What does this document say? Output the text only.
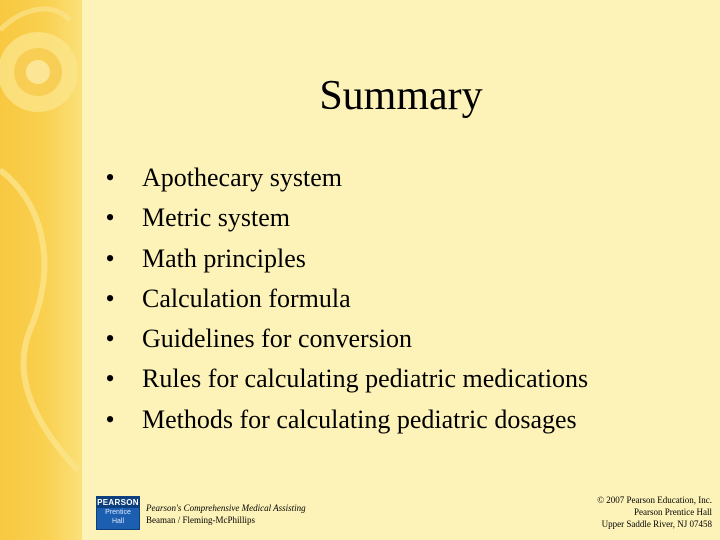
Summary
• Apothecary system
• Metric system
• Math principles
• Calculation formula
• Guidelines for conversion
• Rules for calculating pediatric medications
• Methods for calculating pediatric dosages
PEARSON
Prentice
Hall
Pearson's Comprehensive Medical Assisting
Beaman / Fleming-McPhillips
© 2007 Pearson Education, Inc.
Pearson Prentice Hall
Upper Saddle River, NJ 07458
